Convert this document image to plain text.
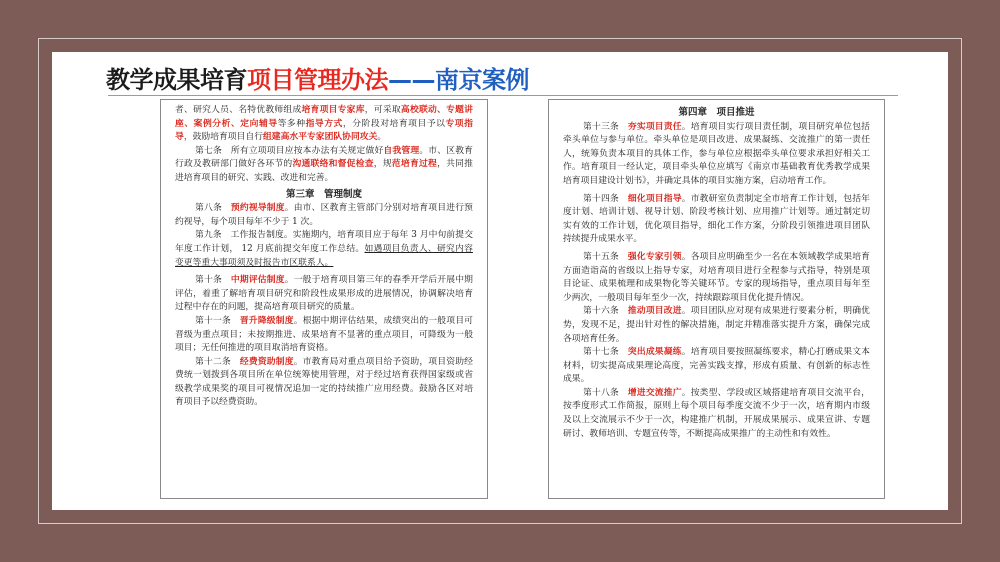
教学成果培育项目管理办法——南京案例

者、研究人员、名特优教师组成培育项目专家库，可采取高校联动、专题讲座、案例分析、定向辅导等多种指导方式，分阶段对培育项目予以专项指导，鼓励培育项目自行组建高水平专家团队协同攻关。

第七条　所有立项项目应按本办法有关规定做好自我管理。市、区教育行政及教研部门做好各环节的沟通联络和督促检查，规范培育过程，共同推进培育项目的研究、实践、改进和完善。

第三章　管理制度

第八条　预约视导制度。由市、区教育主管部门分别对培育项目进行预约视导，每个项目每年不少于 1 次。

第九条　工作报告制度。实施期内，培育项目应于每年 3 月中旬前提交年度工作计划， 12 月底前提交年度工作总结。如遇项目负责人、研究内容变更等重大事项须及时报告市区联系人。

第十条　中期评估制度。一般于培育项目第三年的春季开学后开展中期评估，着重了解培育项目研究和阶段性成果形成的进展情况，协调解决培育过程中存在的问题，提高培育项目研究的质量。

第十一条　晋升降级制度。根据中期评估结果，成绩突出的一般项目可晋级为重点项目；未按期推进、成果培育不显著的重点项目，可降级为一般项目；无任何推进的项目取消培育资格。

第十二条　经费资助制度。市教育局对重点项目给予资助，项目资助经费统一划拨到各项目所在单位统筹使用管理，对于经过培育获得国家级或省级教学成果奖的项目可视情况追加一定的持续推广应用经费。鼓励各区对培育项目予以经费资助。

第四章　项目推进

第十三条　夯实项目责任。培育项目实行项目责任制，项目研究单位包括牵头单位与参与单位。牵头单位是项目改进、成果凝练、交流推广的第一责任人，统筹负责本项目的具体工作，参与单位应根据牵头单位要求承担好相关工作。培育项目一经认定，项目牵头单位应填写《南京市基础教育优秀教学成果培育项目建设计划书》，并确定具体的项目实施方案，启动培育工作。

第十四条　细化项目指导。市教研室负责制定全市培育工作计划，包括年度计划、培训计划、视导计划、阶段考核计划、应用推广计划等。通过制定切实有效的工作计划，优化项目指导，细化工作方案，分阶段引领推进项目团队持续提升成果水平。

第十五条　强化专家引领。各项目应明确至少一名在本领域教学成果培育方面造诣高的省级以上指导专家，对培育项目进行全程参与式指导，特别是项目论证、成果梳理和成果物化等关键环节。专家的现场指导，重点项目每年至少两次，一般项目每年至少一次，持续跟踪项目优化提升情况。

第十六条　推动项目改进。项目团队应对现有成果进行要素分析，明确优势，发现不足，提出针对性的解决措施，制定并精准落实提升方案，确保完成各项培育任务。

第十七条　突出成果凝练。培育项目要按照凝练要求，精心打磨成果文本材料，切实提高成果理论高度，完善实践支撑，形成有质量、有创新的标志性成果。

第十八条　增进交流推广。按类型、学段或区域搭建培育项目交流平台，按季度形式工作简报，原则上每个项目每季度交流不少于一次，培育期内市级及以上交流展示不少于一次，构建推广机制，开展成果展示、成果宣讲、专题研讨、教师培训、专题宣传等，不断提高成果推广的主动性和有效性。
